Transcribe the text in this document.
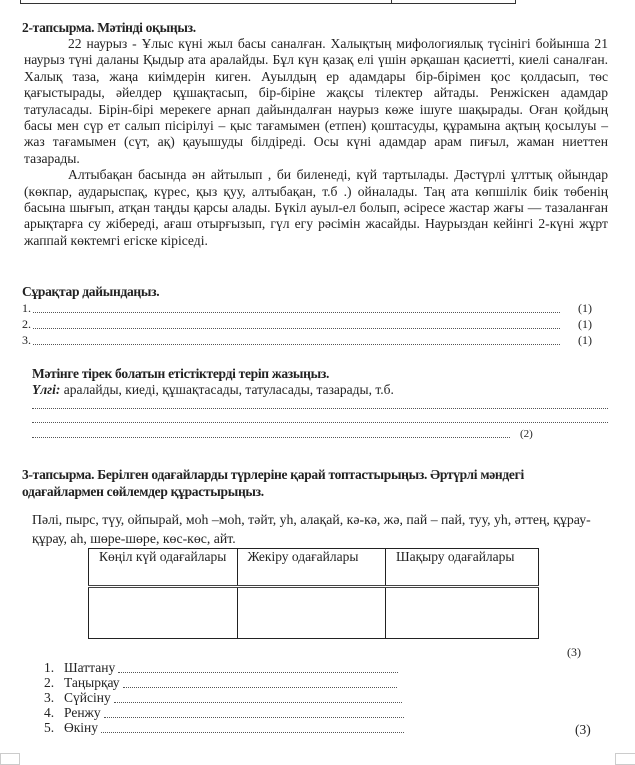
2-тапсырма. Мәтінді оқыңыз.

22 наурыз - Ұлыс күні жыл басы саналған. Халықтың мифологиялық түсінігі бойынша 21 наурыз түні даланы Қыдыр ата аралайды. Бұл күн қазақ елі үшін әрқашан қасиетті, киелі саналған. Халық таза, жаңа киімдерін киген. Ауылдың ер адамдары бір-бірімен қос қолдасып, төс қағыстырады, әйелдер құшақтасып, бір-біріне жақсы тілектер айтады. Ренжіскен адамдар татуласады. Бірін-бірі мерекеге арнап дайындалған наурыз көже ішуге шақырады. Оған қойдың басы мен сүр ет салып пісірілуі – қыс тағамымен (етпен) қоштасуды, құрамына ақтың қосылуы – жаз тағамымен (сүт, ақ) қауышуды білдіреді. Осы күні адамдар арам пиғыл, жаман ниеттен тазарады.

Алтыбақан басында ән айтылып , би биленеді, күй тартылады. Дәстүрлі ұлттық ойындар (көкпар, аударыспақ, күрес, қыз қуу, алтыбақан, т.б .) ойналады. Таң ата көпшілік биік төбенің басына шығып, атқан таңды қарсы алады. Бүкіл ауыл-ел болып, әсіресе жастар жағы — тазаланған арықтарға су жібереді, ағаш отырғызып, гүл егу рәсімін жасайды. Наурыздан кейінгі 2-күні жұрт жаппай көктемгі егіске кіріседі.

Сұрақтар дайындаңыз.
1.	(1)
2.	(1)
3.	(1)
Мәтінге тірек болатын етістіктерді теріп жазыңыз.
Үлгі: аралайды, киеді, құшақтасады, татуласады, тазарады, т.б.
(2)
3-тапсырма. Берілген одағайларды түрлеріне қарай топтастырыңыз. Әртүрлі мәндегі одағайлармен сөйлемдер құрастырыңыз.
Пәлі, пырс, түу, ойпырай, моһ –моһ, тәйт, уһ, алақай, кә-кә, жә, пай – пай, туу, уһ, әттең, құрау-құрау, аһ, шөре-шөре, көс-көс, айт.
Көңіл күй одағайлары	Жекіру одағайлары	Шақыру одағайлары

(3)
1. Шаттану
2. Таңырқау
3. Сүйсіну
4. Ренжу
5. Өкіну	(3)
